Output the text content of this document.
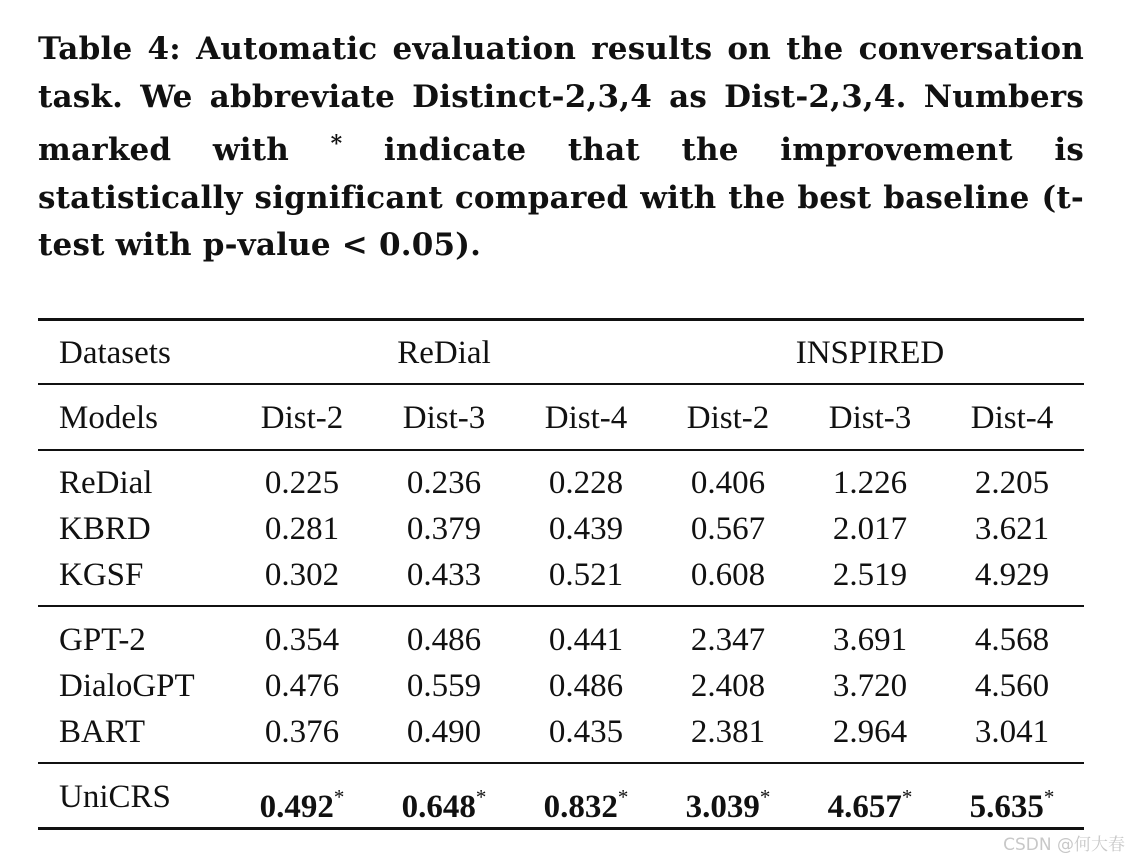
Table 4: Automatic evaluation results on the conversation task. We abbreviate Distinct-2,3,4 as Dist-2,3,4. Numbers marked with * indicate that the improvement is statistically significant compared with the best baseline (t-test with p-value < 0.05).
Datasets	ReDial	INSPIRED
Models	Dist-2 Dist-3 Dist-4 Dist-2 Dist-3 Dist-4
ReDial	0.225 0.236 0.228 0.406 1.226 2.205
KBRD	0.281 0.379 0.439 0.567 2.017 3.621
KGSF	0.302 0.433 0.521 0.608 2.519 4.929
GPT-2	0.354 0.486 0.441 2.347 3.691 4.568
DialoGPT 0.476 0.559 0.486 2.408 3.720 4.560
BART	0.376 0.490 0.435 2.381 2.964 3.041
UniCRS	0.492* 0.648* 0.832* 3.039* 4.657* 5.635*
CSDN @何大春
